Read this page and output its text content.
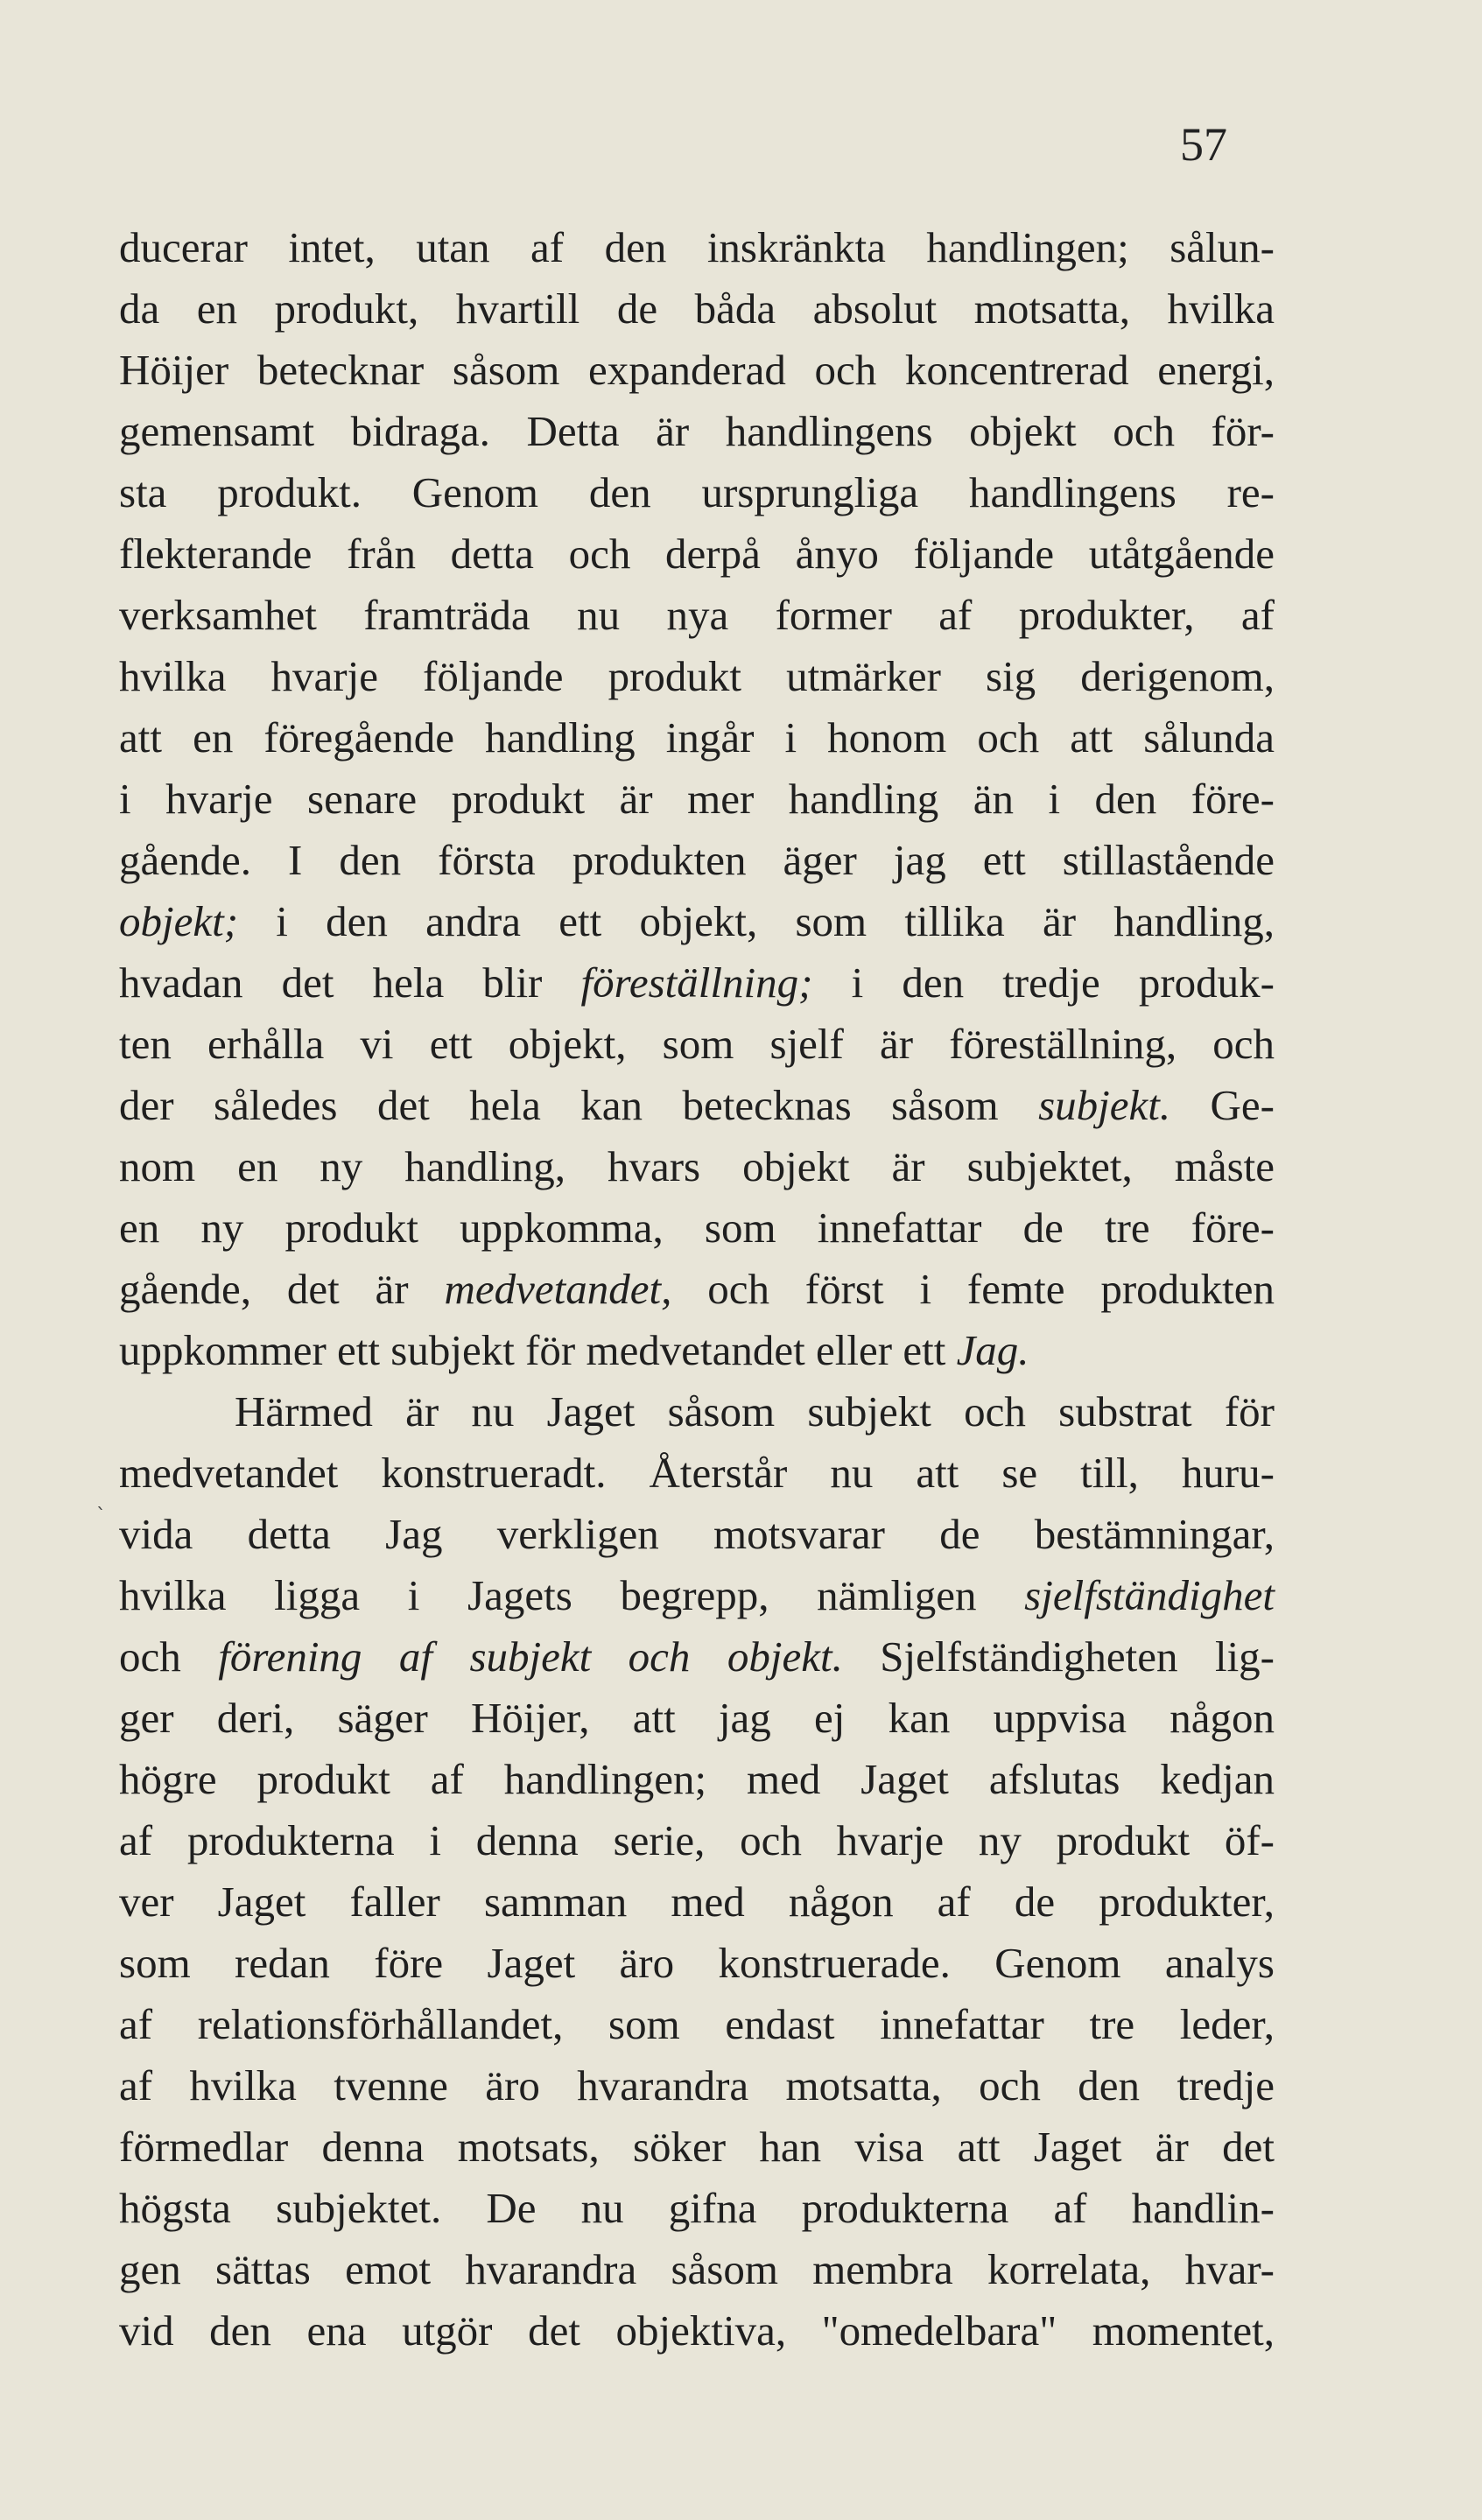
57
ˋ
ducerar intet, utan af den inskränkta handlingen; sålun-
da en produkt, hvartill de båda absolut motsatta, hvilka
Höijer betecknar såsom expanderad och koncentrerad energi,
gemensamt bidraga. Detta är handlingens objekt och för-
sta produkt. Genom den ursprungliga handlingens re-
flekterande från detta och derpå ånyo följande utåtgående
verksamhet framträda nu nya former af produkter, af
hvilka hvarje följande produkt utmärker sig derigenom,
att en föregående handling ingår i honom och att sålunda
i hvarje senare produkt är mer handling än i den före-
gående. I den första produkten äger jag ett stillastående
objekt; i den andra ett objekt, som tillika är handling,
hvadan det hela blir föreställning; i den tredje produk-
ten erhålla vi ett objekt, som sjelf är föreställning, och
der således det hela kan betecknas såsom subjekt. Ge-
nom en ny handling, hvars objekt är subjektet, måste
en ny produkt uppkomma, som innefattar de tre före-
gående, det är medvetandet, och först i femte produkten
uppkommer ett subjekt för medvetandet eller ett Jag.
Härmed är nu Jaget såsom subjekt och substrat för
medvetandet konstrueradt. Återstår nu att se till, huru-
vida detta Jag verkligen motsvarar de bestämningar,
hvilka ligga i Jagets begrepp, nämligen sjelfständighet
och förening af subjekt och objekt. Sjelfständigheten lig-
ger deri, säger Höijer, att jag ej kan uppvisa någon
högre produkt af handlingen; med Jaget afslutas kedjan
af produkterna i denna serie, och hvarje ny produkt öf-
ver Jaget faller samman med någon af de produkter,
som redan före Jaget äro konstruerade. Genom analys
af relationsförhållandet, som endast innefattar tre leder,
af hvilka tvenne äro hvarandra motsatta, och den tredje
förmedlar denna motsats, söker han visa att Jaget är det
högsta subjektet. De nu gifna produkterna af handlin-
gen sättas emot hvarandra såsom membra korrelata, hvar-
vid den ena utgör det objektiva, "omedelbara" momentet,
